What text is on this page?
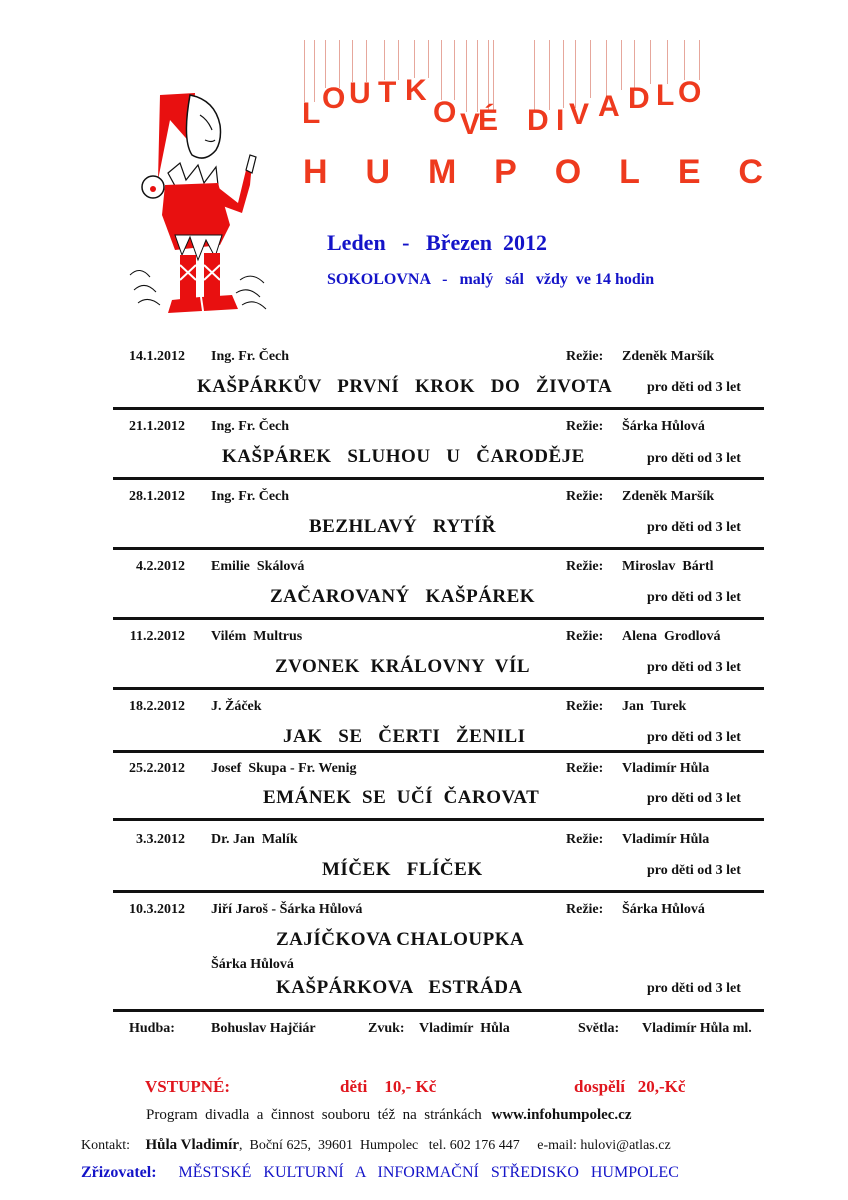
L O U T K
O V
É D I V A D L O
H U M P O L E C
Leden   -   Březen  2012
SOKOLOVNA   -   malý   sál   vždy  ve 14 hodin
14.1.2012 Ing. Fr. Čech	Režie: Zdeněk Maršík
KAŠPÁRKŮV   PRVNÍ   KROK   DO   ŽIVOTA pro děti od 3 let
21.1.2012 Ing. Fr. Čech	Režie: Šárka Hůlová
KAŠPÁREK   SLUHOU   U   ČARODĚJE	pro děti od 3 let
28.1.2012 Ing. Fr. Čech	Režie: Zdeněk Maršík
BEZHLAVÝ   RYTÍŘ	pro děti od 3 let
4.2.2012 Emilie  Skálová	Režie: Miroslav  Bártl
ZAČAROVANÝ   KAŠPÁREK	pro děti od 3 let
11.2.2012 Vilém  Multrus	Režie: Alena  Grodlová
ZVONEK  KRÁLOVNY  VÍL	pro děti od 3 let
18.2.2012 J. Žáček	Režie: Jan  Turek
JAK   SE   ČERTI   ŽENILI	pro děti od 3 let
25.2.2012 Josef  Skupa - Fr. Wenig	Režie: Vladimír Hůla
EMÁNEK  SE  UČÍ  ČAROVAT	pro děti od 3 let
3.3.2012 Dr. Jan  Malík	Režie: Vladimír Hůla
MÍČEK   FLÍČEK	pro děti od 3 let
10.3.2012 Jiří Jaroš - Šárka Hůlová	Režie: Šárka Hůlová
ZAJÍČKOVA CHALOUPKA
Šárka Hůlová
KAŠPÁRKOVA   ESTRÁDA	pro děti od 3 let
Hudba:	Bohuslav Hajčiár	Zvuk: Vladimír  Hůla	Světla: Vladimír Hůla ml.
VSTUPNÉ:	děti    10,- Kč	dospělí   20,-Kč
Program  divadla  a  činnost  souboru  též  na  stránkách www.infohumpolec.cz
Kontakt: Hůla Vladimír,  Boční 625,  39601  Humpolec   tel. 602 176 447     e-mail: hulovi@atlas.cz
Zřizovatel: MĚSTSKÉ   KULTURNÍ   A   INFORMAČNÍ   STŘEDISKO   HUMPOLEC
